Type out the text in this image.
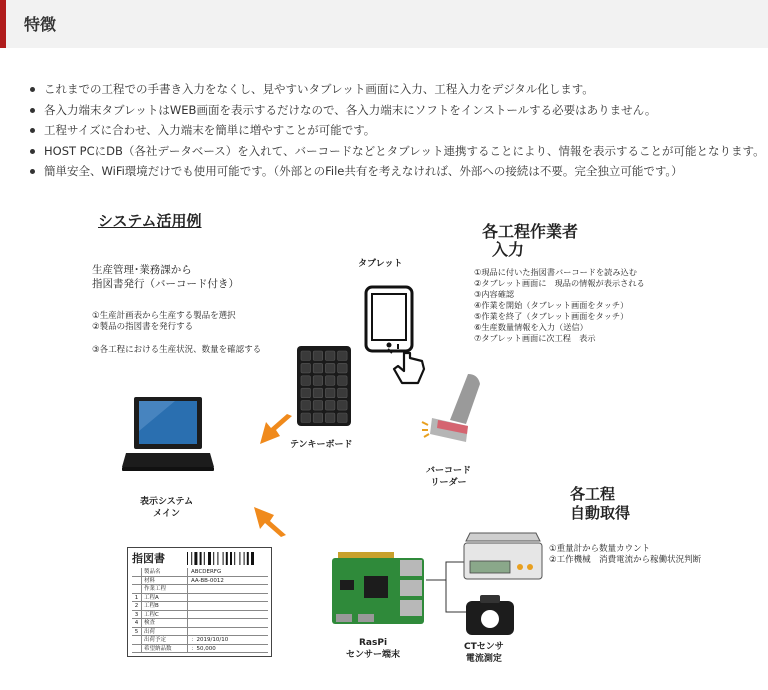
特徴
これまでの工程での手書き入力をなくし、見やすいタブレット画面に入力、工程入力をデジタル化します。
各入力端末タブレットはWEB画面を表示するだけなので、各入力端末にソフトをインストールする必要はありません。
工程サイズに合わせ、入力端末を簡単に増やすことが可能です。
HOST PCにDB（各社データベース）を入れて、バーコードなどとタブレット連携することにより、情報を表示することが可能となります。
簡単安全、WiFi環境だけでも使用可能です。（外部とのFile共有を考えなければ、外部への接続は不要。完全独立可能です。）
システム活用例
生産管理･業務課から
指図書発行（バーコード付き）
①生産計画表から生産する製品を選択
②製品の指図書を発行する
③各工程における生産状況、数量を確認する
タブレット
各工程作業者
入力
①現品に付いた指図書バーコードを読み込む
②タブレット画面に　現品の情報が表示される
③内容確認
④作業を開始（タブレット画面をタッチ）
⑤作業を終了（タブレット画面をタッチ）
⑥生産数量情報を入力（送信）
⑦タブレット画面に次工程　表示
テンキーボード
バーコード
リーダー
表示システム
メイン
指図書
製品名	ABCDERFG
材料	AA-BB-0012
作業工程
1	工程A
2	工程B
3	工程C
4	検査
5	出荷
出荷予定	：2019/10/10
希望納品数	：50,000
RasPi
センサー端末
各工程
自動取得
①重量計から数量カウント
②工作機械　消費電流から稼働状況判断
CTセンサ
電流測定
